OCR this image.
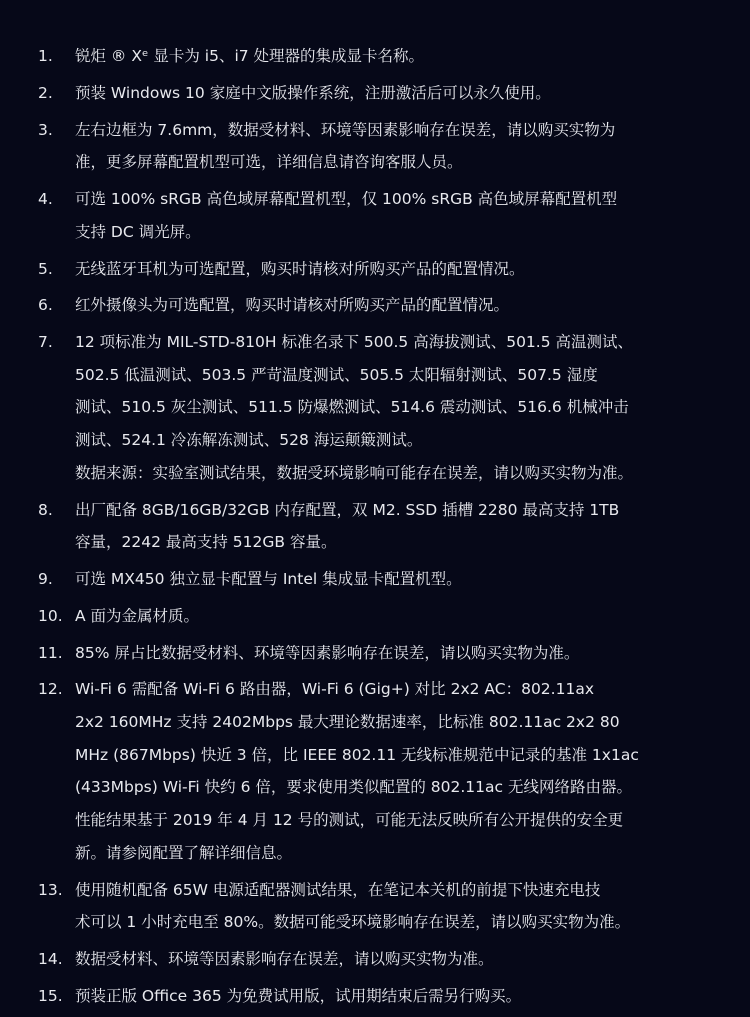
1.	锐炬 ® Xᵉ 显卡为 i5、i7 处理器的集成显卡名称。
2.	预装 Windows 10 家庭中文版操作系统，注册激活后可以永久使用。
3.	左右边框为 7.6mm，数据受材料、环境等因素影响存在误差，请以购买实物为
准，更多屏幕配置机型可选，详细信息请咨询客服人员。
4.	可选 100% sRGB 高色域屏幕配置机型，仅 100% sRGB 高色域屏幕配置机型
支持 DC 调光屏。
5.	无线蓝牙耳机为可选配置，购买时请核对所购买产品的配置情况。
6.	红外摄像头为可选配置，购买时请核对所购买产品的配置情况。
7.	12 项标准为 MIL-STD-810H 标准名录下 500.5 高海拔测试、501.5 高温测试、
502.5 低温测试、503.5 严苛温度测试、505.5 太阳辐射测试、507.5 湿度
测试、510.5 灰尘测试、511.5 防爆燃测试、514.6 震动测试、516.6 机械冲击
测试、524.1 冷冻解冻测试、528 海运颠簸测试。
数据来源：实验室测试结果，数据受环境影响可能存在误差，请以购买实物为准。
8.	出厂配备 8GB/16GB/32GB 内存配置，双 M2. SSD 插槽 2280 最高支持 1TB
容量，2242 最高支持 512GB 容量。
9.	可选 MX450 独立显卡配置与 Intel 集成显卡配置机型。
10. A 面为金属材质。
11. 85% 屏占比数据受材料、环境等因素影响存在误差，请以购买实物为准。
12. Wi-Fi 6 需配备 Wi-Fi 6 路由器，Wi-Fi 6 (Gig+) 对比 2x2 AC：802.11ax
2x2 160MHz 支持 2402Mbps 最大理论数据速率，比标准 802.11ac 2x2 80
MHz (867Mbps) 快近 3 倍，比 IEEE 802.11 无线标准规范中记录的基准 1x1ac
(433Mbps) Wi-Fi 快约 6 倍，要求使用类似配置的 802.11ac 无线网络路由器。
性能结果基于 2019 年 4 月 12 号的测试，可能无法反映所有公开提供的安全更
新。请参阅配置了解详细信息。
13. 使用随机配备 65W 电源适配器测试结果，在笔记本关机的前提下快速充电技
术可以 1 小时充电至 80%。数据可能受环境影响存在误差，请以购买实物为准。
14. 数据受材料、环境等因素影响存在误差，请以购买实物为准。
15. 预装正版 Office 365 为免费试用版，试用期结束后需另行购买。
